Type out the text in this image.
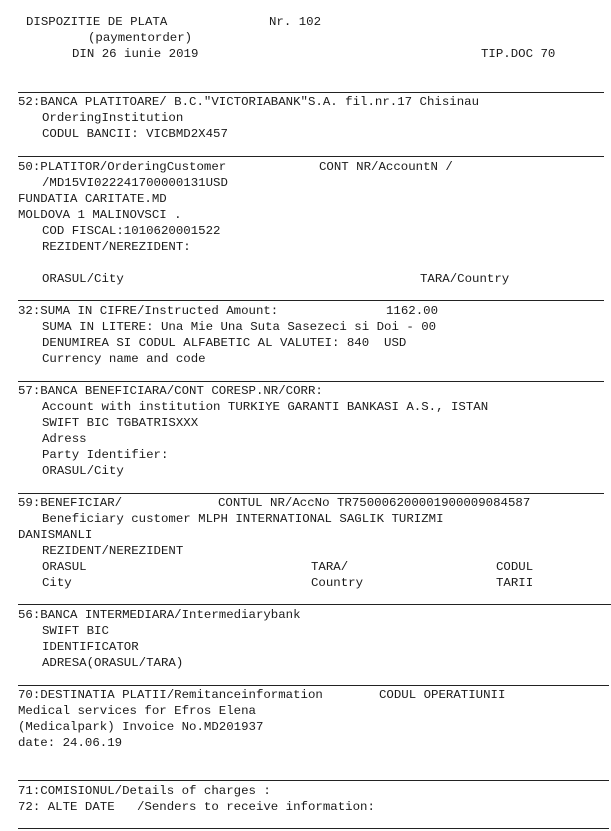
DISPOZITIE DE PLATA	Nr. 102
(paymentorder)
DIN 26 iunie 2019	TIP.DOC 70
52:BANCA PLATITOARE/ B.C."VICTORIABANK"S.A. fil.nr.17 Chisinau
OrderingInstitution
CODUL BANCII: VICBMD2X457
50:PLATITOR/OrderingCustomer	CONT NR/AccountN /
/MD15VI022241700000131USD
FUNDATIA CARITATE.MD
MOLDOVA 1 MALINOVSCI .
COD FISCAL:1010620001522
REZIDENT/NEREZIDENT:
ORASUL/City	TARA/Country
32:SUMA IN CIFRE/Instructed Amount:	1162.00
SUMA IN LITERE: Una Mie Una Suta Sasezeci si Doi - 00
DENUMIREA SI CODUL ALFABETIC AL VALUTEI: 840  USD
Currency name and code
57:BANCA BENEFICIARA/CONT CORESP.NR/CORR:
Account with institution TURKIYE GARANTI BANKASI A.S., ISTAN
SWIFT BIC TGBATRISXXX
Adress
Party Identifier:
ORASUL/City
59:BENEFICIAR/	CONTUL NR/AccNo TR750006200001900009084587
Beneficiary customer MLPH INTERNATIONAL SAGLIK TURIZMI
DANISMANLI
REZIDENT/NEREZIDENT
ORASUL	TARA/	CODUL
City	Country	TARII
56:BANCA INTERMEDIARA/Intermediarybank
SWIFT BIC
IDENTIFICATOR
ADRESA(ORASUL/TARA)
70:DESTINATIA PLATII/Remitanceinformation	CODUL OPERATIUNII
Medical services for Efros Elena
(Medicalpark) Invoice No.MD201937
date: 24.06.19
71:COMISIONUL/Details of charges :
72: ALTE DATE   /Senders to receive information:
